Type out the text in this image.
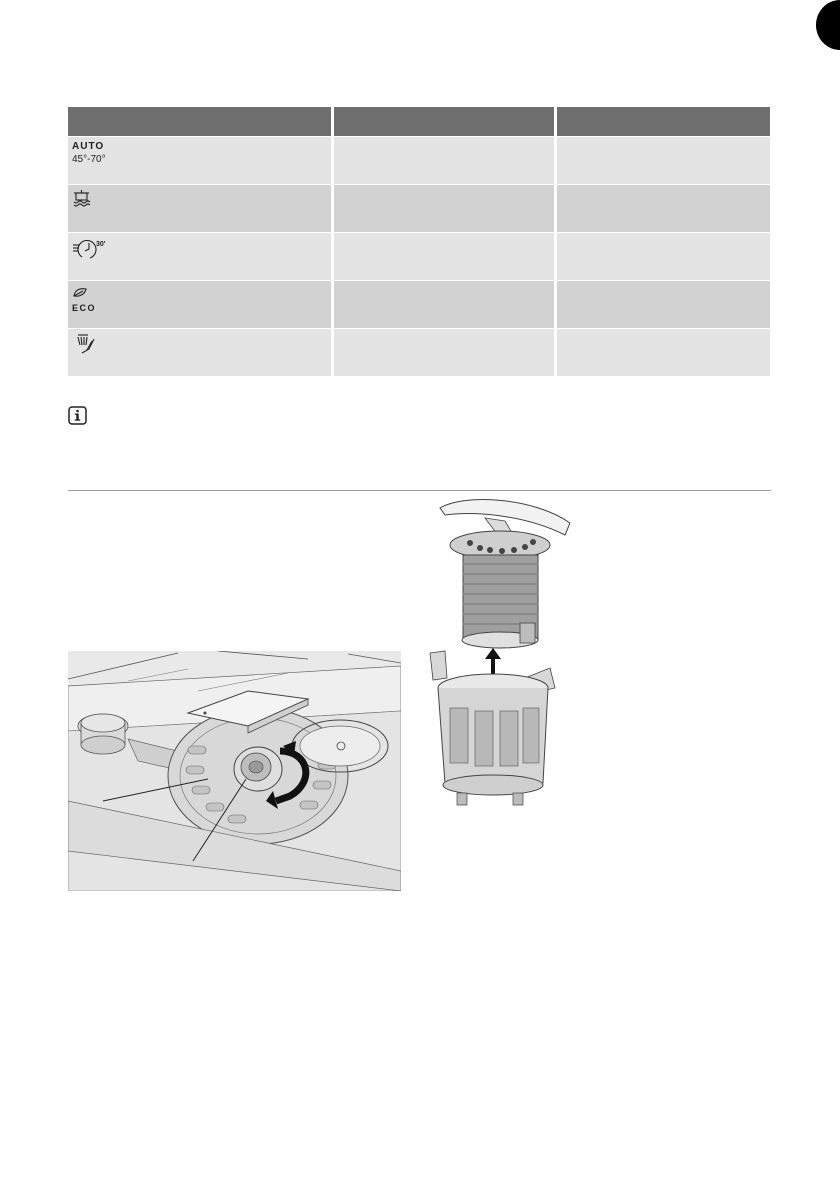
AUTO
45°-70°
30'
ECO
